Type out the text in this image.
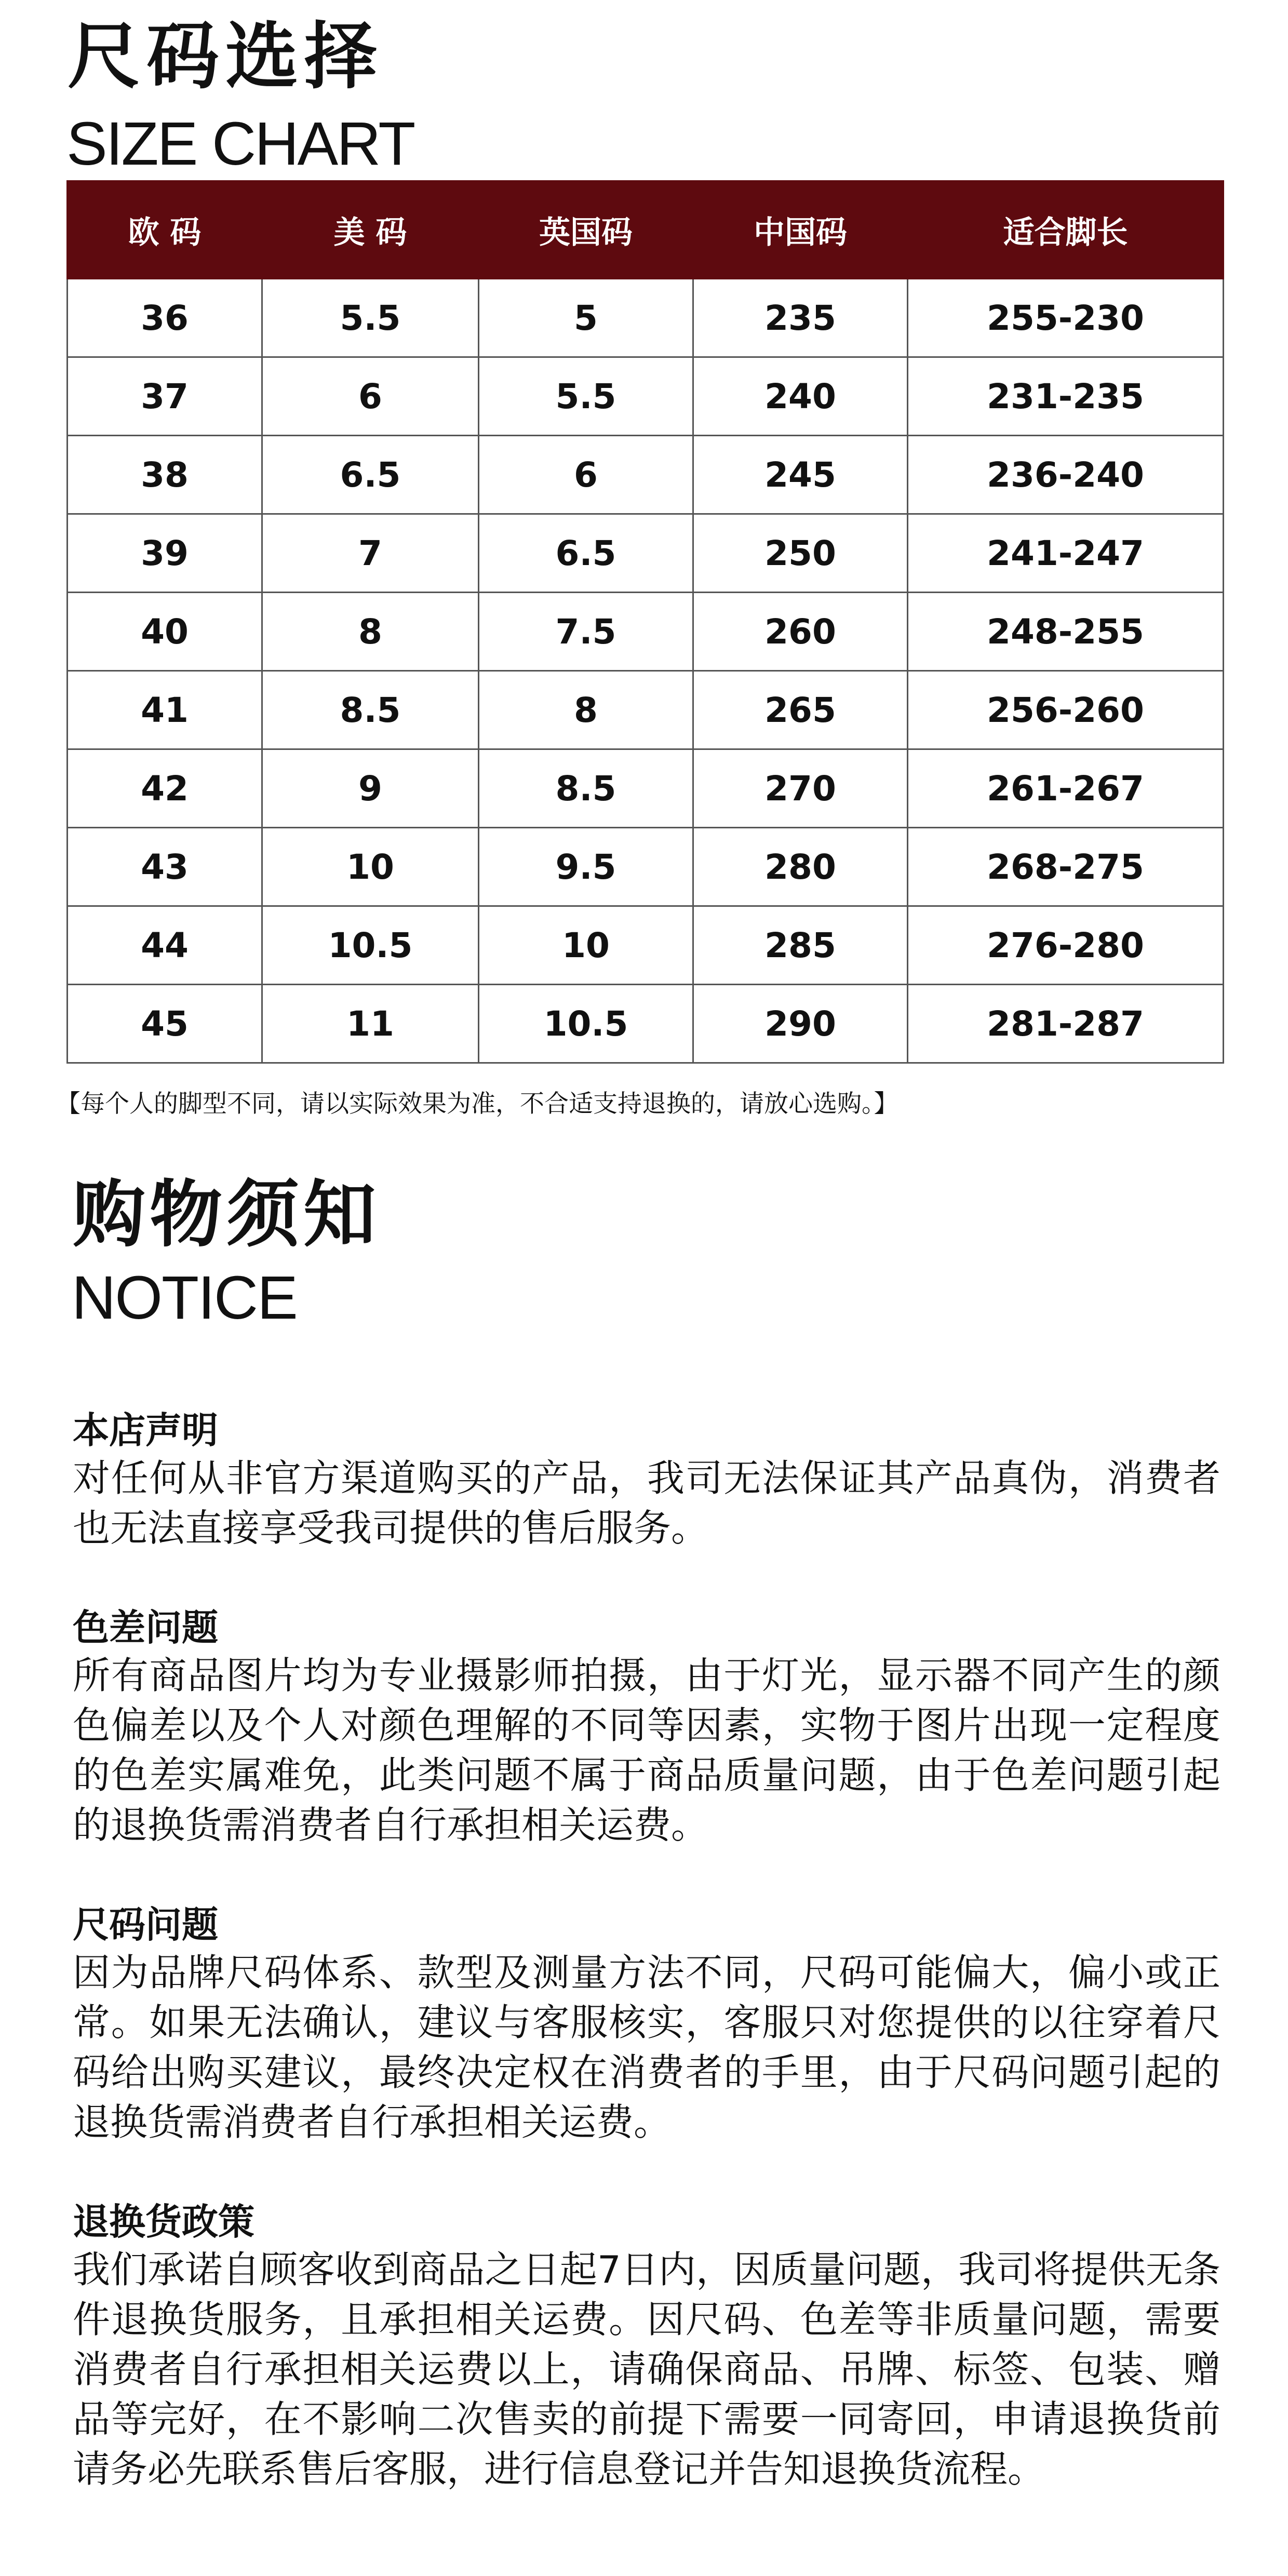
尺码选择
SIZE CHART
欧 码	美 码	英国码	中国码	适合脚长
36	5.5	5	235	255-230
37	6	5.5	240	231-235
38	6.5	6	245	236-240
39	7	6.5	250	241-247
40	8	7.5	260	248-255
41	8.5	8	265	256-260
42	9	8.5	270	261-267
43	10	9.5	280	268-275
44	10.5	10	285	276-280
45	11	10.5	290	281-287
【每个人的脚型不同，请以实际效果为准，不合适支持退换的，请放心选购。】
购物须知
NOTICE

本店声明

对任何从非官方渠道购买的产品，我司无法保证其产品真伪，消费者也无法直接享受我司提供的售后服务。

色差问题

所有商品图片均为专业摄影师拍摄，由于灯光，显示器不同产生的颜色偏差以及个人对颜色理解的不同等因素，实物于图片出现一定程度的色差实属难免，此类问题不属于商品质量问题，由于色差问题引起的退换货需消费者自行承担相关运费。

尺码问题

因为品牌尺码体系、款型及测量方法不同，尺码可能偏大，偏小或正常。如果无法确认，建议与客服核实，客服只对您提供的以往穿着尺码给出购买建议，最终决定权在消费者的手里，由于尺码问题引起的退换货需消费者自行承担相关运费。

退换货政策

我们承诺自顾客收到商品之日起7日内，因质量问题，我司将提供无条件退换货服务，且承担相关运费。因尺码、色差等非质量问题，需要消费者自行承担相关运费以上，请确保商品、吊牌、标签、包装、赠品等完好，在不影响二次售卖的前提下需要一同寄回，申请退换货前请务必先联系售后客服，进行信息登记并告知退换货流程。
